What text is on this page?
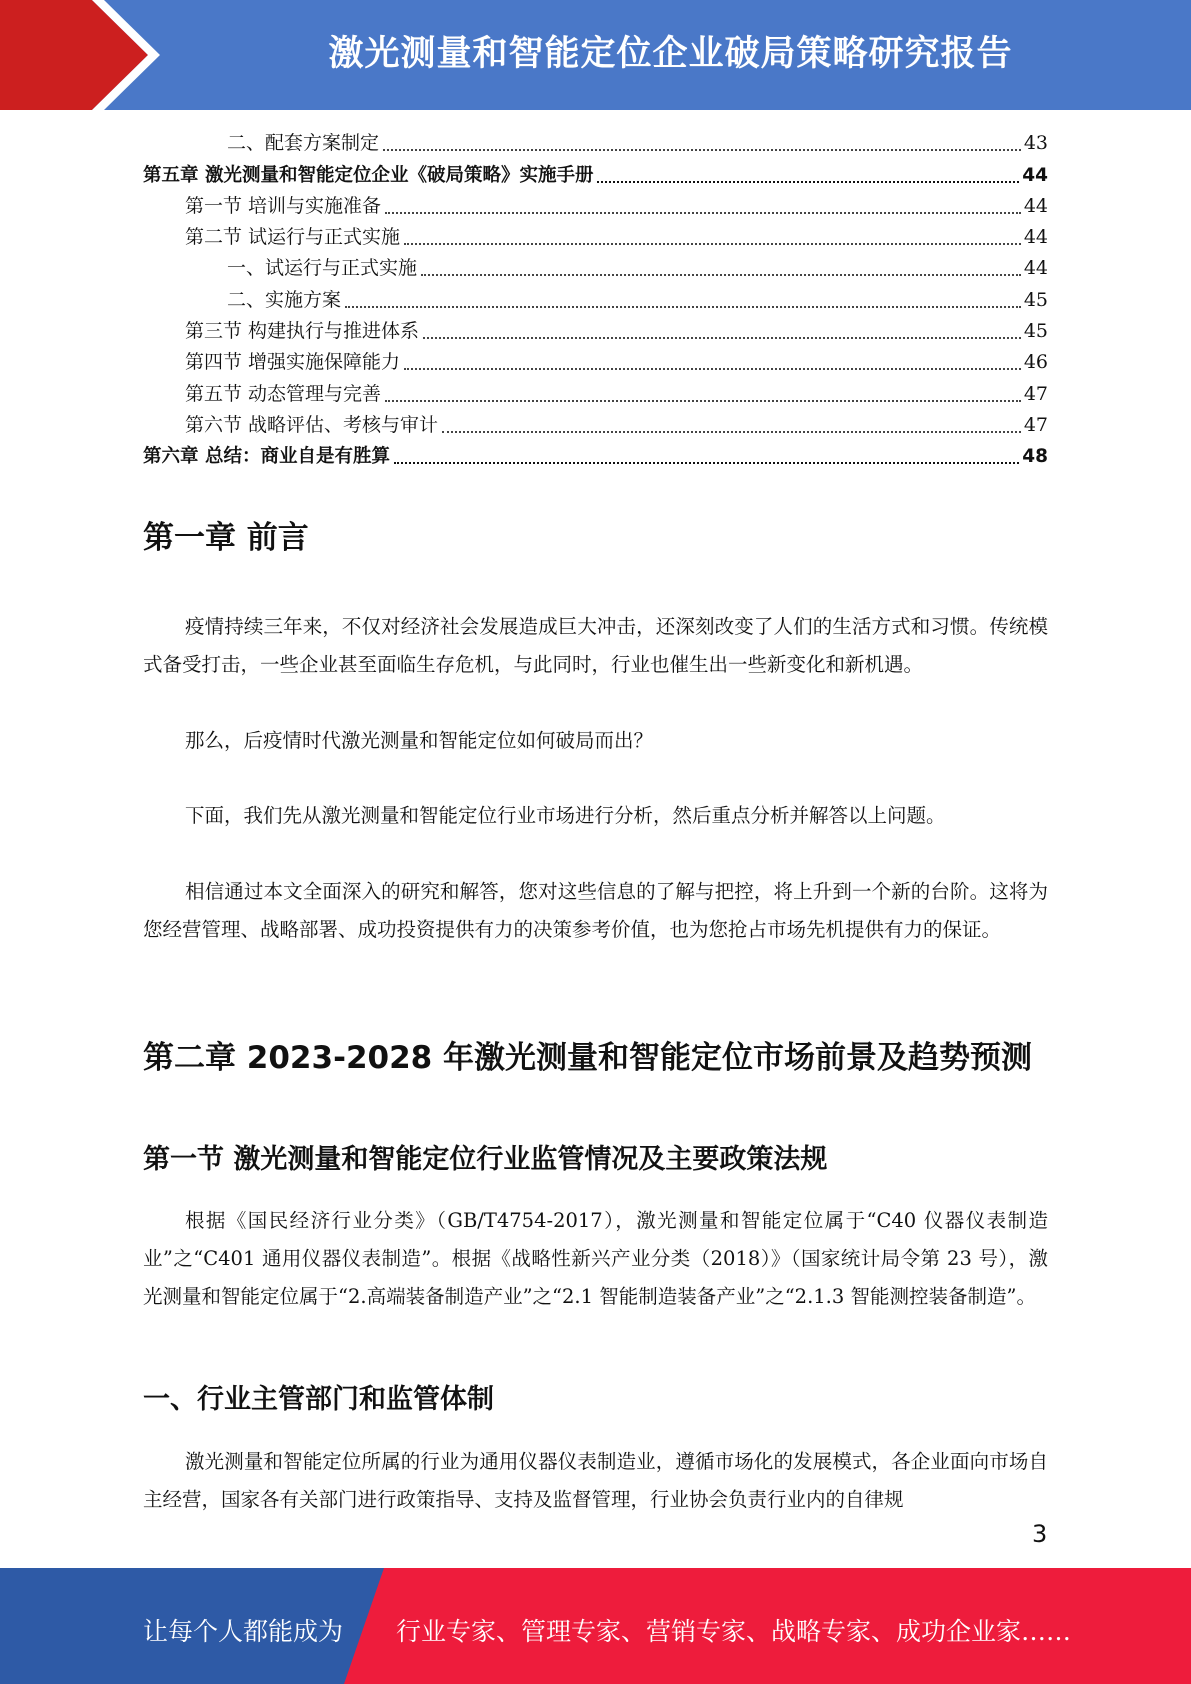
激光测量和智能定位企业破局策略研究报告
二、配套方案制定	43
第五章 激光测量和智能定位企业《破局策略》实施手册	44
第一节 培训与实施准备	44
第二节 试运行与正式实施	44
一、试运行与正式实施	44
二、实施方案	45
第三节 构建执行与推进体系	45
第四节 增强实施保障能力	46
第五节 动态管理与完善	47
第六节 战略评估、考核与审计	47
第六章 总结：商业自是有胜算	48
第一章 前言

疫情持续三年来，不仅对经济社会发展造成巨大冲击，还深刻改变了人们的生活方式和习惯。传统模式备受打击，一些企业甚至面临生存危机，与此同时，行业也催生出一些新变化和新机遇。

那么，后疫情时代激光测量和智能定位如何破局而出？

下面，我们先从激光测量和智能定位行业市场进行分析，然后重点分析并解答以上问题。

相信通过本文全面深入的研究和解答，您对这些信息的了解与把控，将上升到一个新的台阶。这将为您经营管理、战略部署、成功投资提供有力的决策参考价值，也为您抢占市场先机提供有力的保证。

第二章 2023-2028 年激光测量和智能定位市场前景及趋势预测
第一节 激光测量和智能定位行业监管情况及主要政策法规

根据《国民经济行业分类》（GB/T4754-2017），激光测量和智能定位属于“C40 仪器仪表制造业”之“C401 通用仪器仪表制造”。根据《战略性新兴产业分类（2018）》（国家统计局令第 23 号），激光测量和智能定位属于“2.高端装备制造产业”之“2.1 智能制造装备产业”之“2.1.3 智能测控装备制造”。

一、行业主管部门和监管体制

激光测量和智能定位所属的行业为通用仪器仪表制造业，遵循市场化的发展模式，各企业面向市场自主经营，国家各有关部门进行政策指导、支持及监督管理，行业协会负责行业内的自律规

3
让每个人都能成为 行业专家、管理专家、营销专家、战略专家、成功企业家……
